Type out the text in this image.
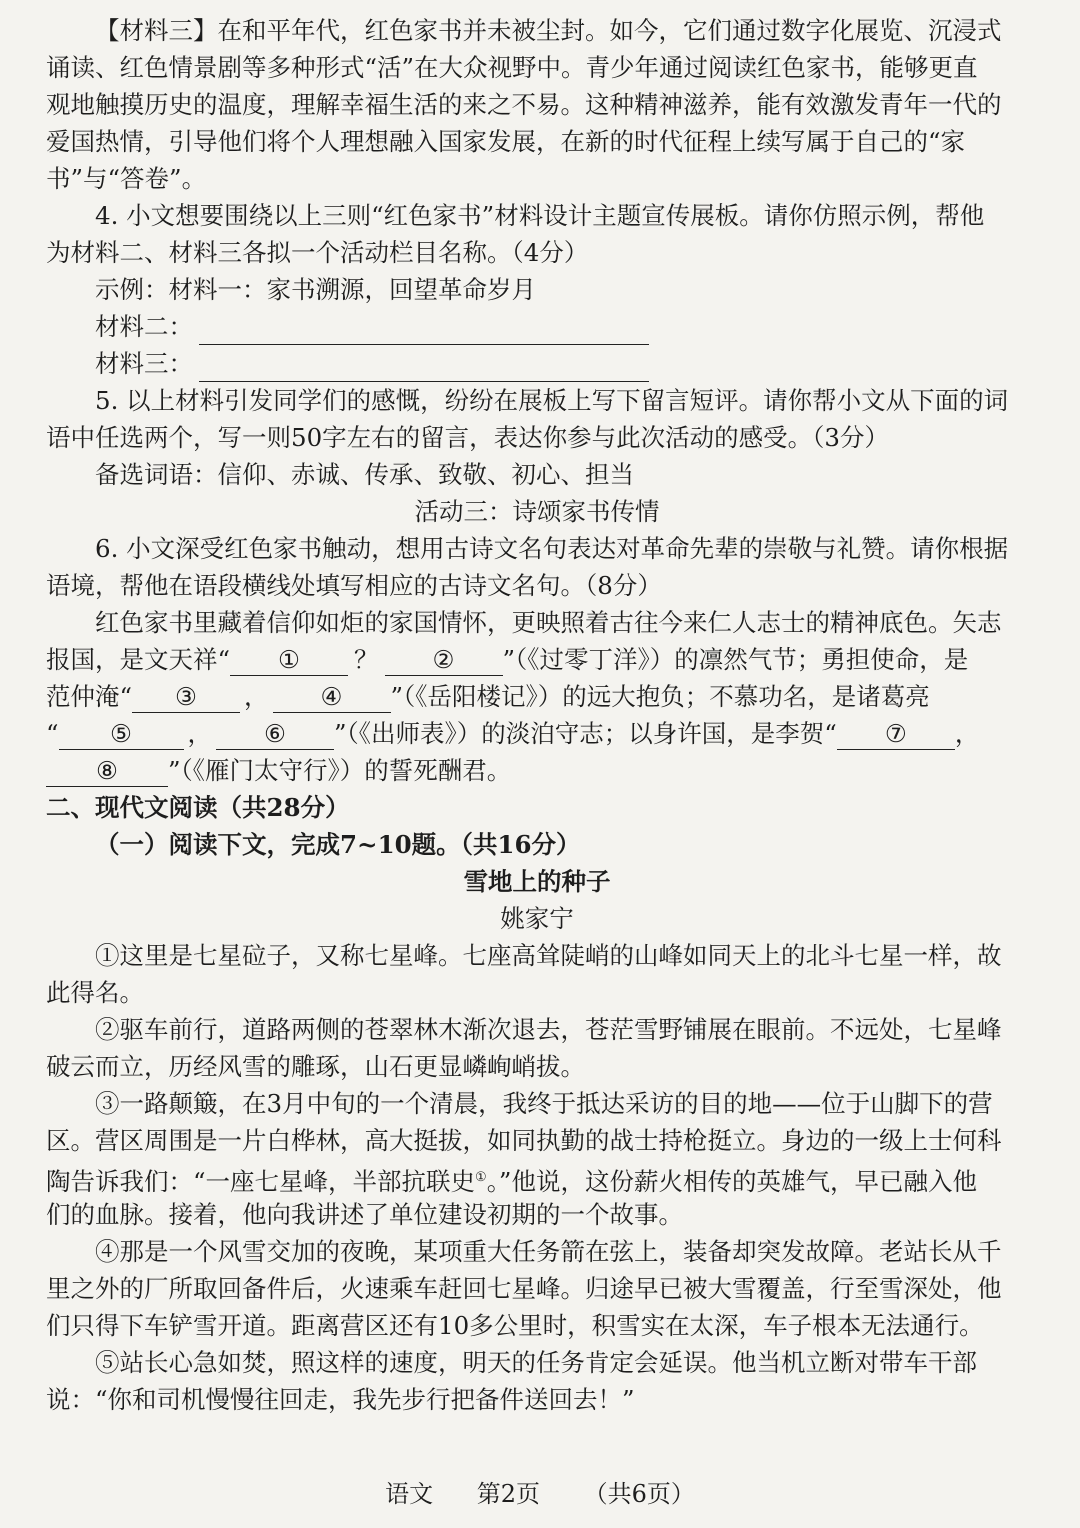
【材料三】在和平年代，红色家书并未被尘封。如今，它们通过数字化展览、沉浸式
诵读、红色情景剧等多种形式“活”在大众视野中。青少年通过阅读红色家书，能够更直
观地触摸历史的温度，理解幸福生活的来之不易。这种精神滋养，能有效激发青年一代的
爱国热情，引导他们将个人理想融入国家发展，在新的时代征程上续写属于自己的“家
书”与“答卷”。
4. 小文想要围绕以上三则“红色家书”材料设计主题宣传展板。请你仿照示例，帮他
为材料二、材料三各拟一个活动栏目名称。（4分）
示例：材料一：家书溯源，回望革命岁月
材料二：
材料三：
5. 以上材料引发同学们的感慨，纷纷在展板上写下留言短评。请你帮小文从下面的词
语中任选两个，写一则50字左右的留言，表达你参与此次活动的感受。（3分）
备选词语：信仰、赤诚、传承、致敬、初心、担当
活动三：诗颂家书传情
6. 小文深受红色家书触动，想用古诗文名句表达对革命先辈的崇敬与礼赞。请你根据
语境，帮他在语段横线处填写相应的古诗文名句。（8分）
红色家书里藏着信仰如炬的家国情怀，更映照着古往今来仁人志士的精神底色。矢志
报国，是文天祥“ ① ？ ② ”（《过零丁洋》）的凛然气节；勇担使命，是
范仲淹“ ③ ， ④ ”（《岳阳楼记》）的远大抱负；不慕功名，是诸葛亮
“ ⑤ ， ⑥ ”（《出师表》）的淡泊守志；以身许国，是李贺“ ⑦ ，
⑧ ”（《雁门太守行》）的誓死酬君。
二、现代文阅读（共28分）
（一）阅读下文，完成7~10题。（共16分）
雪地上的种子
姚家宁
①这里是七星砬子，又称七星峰。七座高耸陡峭的山峰如同天上的北斗七星一样，故
此得名。
②驱车前行，道路两侧的苍翠林木渐次退去，苍茫雪野铺展在眼前。不远处，七星峰
破云而立，历经风雪的雕琢，山石更显嶙峋峭拔。
③一路颠簸，在3月中旬的一个清晨，我终于抵达采访的目的地——位于山脚下的营
区。营区周围是一片白桦林，高大挺拔，如同执勤的战士持枪挺立。身边的一级上士何科
陶告诉我们：“一座七星峰，半部抗联史①。”他说，这份薪火相传的英雄气，早已融入他
们的血脉。接着，他向我讲述了单位建设初期的一个故事。
④那是一个风雪交加的夜晚，某项重大任务箭在弦上，装备却突发故障。老站长从千
里之外的厂所取回备件后，火速乘车赶回七星峰。归途早已被大雪覆盖，行至雪深处，他
们只得下车铲雪开道。距离营区还有10多公里时，积雪实在太深，车子根本无法通行。
⑤站长心急如焚，照这样的速度，明天的任务肯定会延误。他当机立断对带车干部
说：“你和司机慢慢往回走，我先步行把备件送回去！”
语文 第2页 （共6页）
